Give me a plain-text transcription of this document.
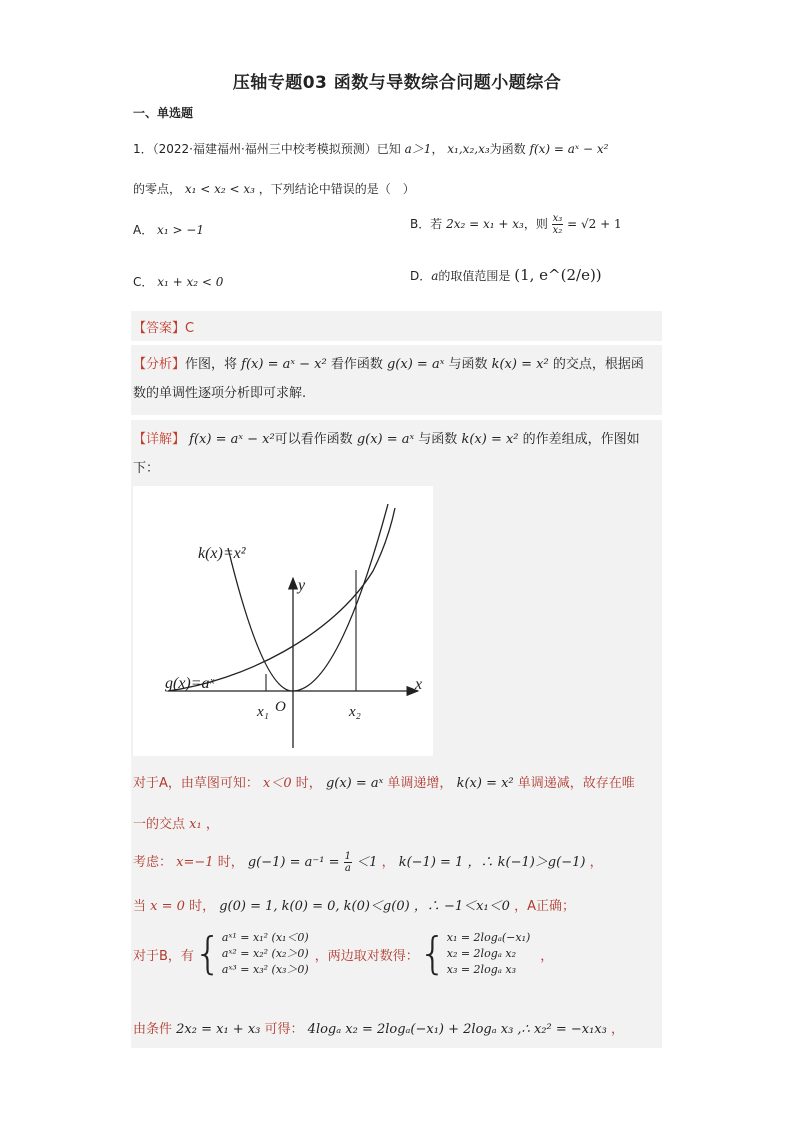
压轴专题03 函数与导数综合问题小题综合
一、单选题
1．（2022·福建福州·福州三中校考模拟预测）已知 a＞1， x₁,x₂,x₃为函数 f(x) = aˣ − x²
的零点， x₁ < x₂ < x₃ ，下列结论中错误的是（　）
A． x₁ > −1	B．若 2x₂ = x₁ + x₃，则 $\frac{\text{x₃}}{\text{x₂}} = √2 + 1$
C． x₁ + x₂ < 0	D．a的取值范围是 (1, e^(2/e))
【答案】C
【分析】作图，将 f(x) = aˣ − x² 看作函数 g(x) = aˣ 与函数 k(x) = x² 的交点，根据函
数的单调性逐项分析即可求解.
【详解】 f(x) = aˣ − x²可以看作函数 g(x) = aˣ 与函数 k(x) = x² 的作差组成，作图如
下：
k(x)=x²
g(x)=aˣ
y
x
x₁ O	x₂
对于A，由草图可知： x＜0 时， g(x) = aˣ 单调递增， k(x) = x² 单调递减，故存在唯
一的交点 x₁ ，
考虑： x=−1 时， $g(-1) = a^{-1} = \frac{1}{a} <1$ ， k(−1) = 1 ，∴ k(−1)＞g(−1) ，
当 x = 0 时， g(0) = 1, k(0) = 0, k(0)＜g(0) ，∴ −1＜x₁＜0 ，A正确；
对于B，有 { aˣ¹ = x₁² (x₁＜0)
aˣ² = x₂² (x₂＞0)
aˣ³ = x₃² (x₃＞0)
，两边取对数得： { x₁ = 2logₐ(−x₁)
x₂ = 2logₐ x₂
x₃ = 2logₐ x₃
，
由条件 2x₂ = x₁ + x₃ 可得： 4logₐ x₂ = 2logₐ(−x₁) + 2logₐ x₃ ,∴ x₂² = −x₁x₃ ，
